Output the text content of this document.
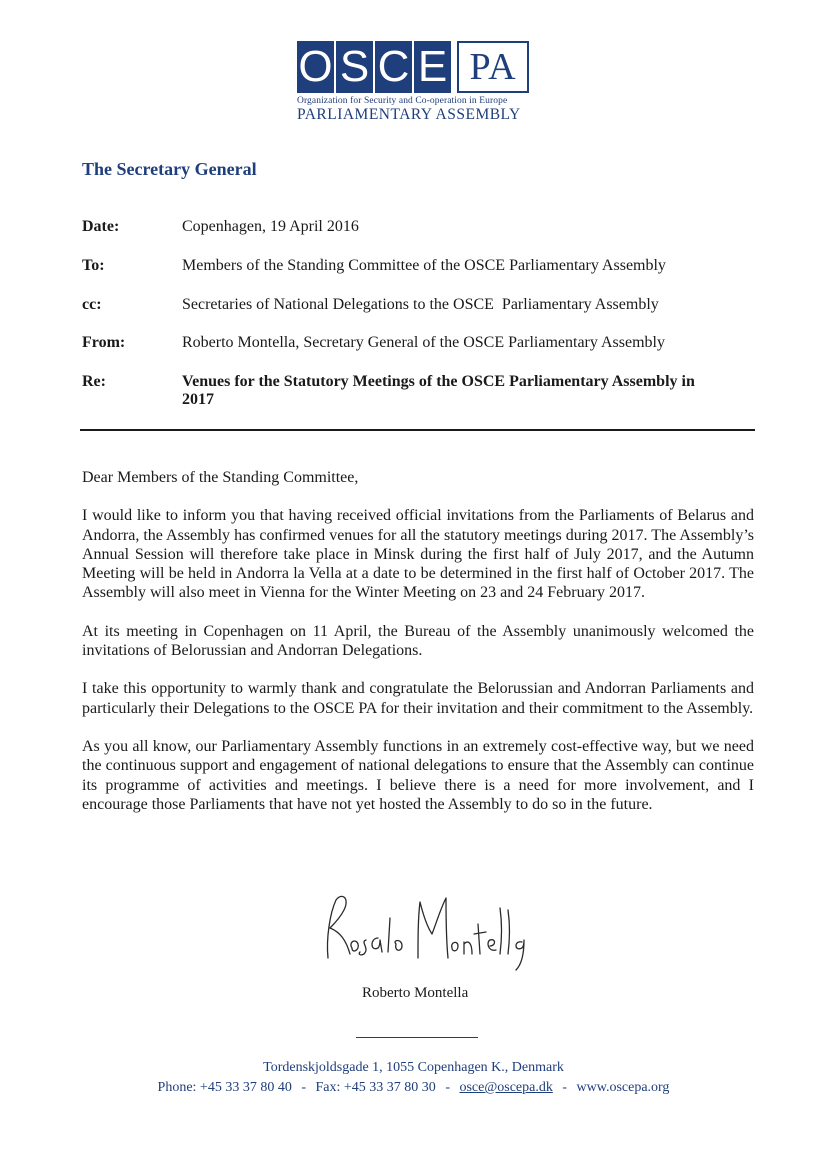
O S C E PA
Organization for Security and Co-operation in Europe
PARLIAMENTARY ASSEMBLY
The Secretary General
Date:	Copenhagen, 19 April 2016
To:	Members of the Standing Committee of the OSCE Parliamentary Assembly
cc:	Secretaries of National Delegations to the OSCE  Parliamentary Assembly
From:	Roberto Montella, Secretary General of the OSCE Parliamentary Assembly
Re:	Venues for the Statutory Meetings of the OSCE Parliamentary Assembly in 2017

Dear Members of the Standing Committee,

I would like to inform you that having received official invitations from the Parliaments of Belarus and Andorra, the Assembly has confirmed venues for all the statutory meetings during 2017. The Assembly’s Annual Session will therefore take place in Minsk during the first half of July 2017, and the Autumn Meeting will be held in Andorra la Vella at a date to be determined in the first half of October 2017. The Assembly will also meet in Vienna for the Winter Meeting on 23 and 24 February 2017.

At its meeting in Copenhagen on 11 April, the Bureau of the Assembly unanimously welcomed the invitations of Belorussian and Andorran Delegations.

I take this opportunity to warmly thank and congratulate the Belorussian and Andorran Parliaments and particularly their Delegations to the OSCE PA for their invitation and their commitment to the Assembly.

As you all know, our Parliamentary Assembly functions in an extremely cost-effective way, but we need the continuous support and engagement of national delegations to ensure that the Assembly can continue its programme of activities and meetings. I believe there is a need for more involvement, and I encourage those Parliaments that have not yet hosted the Assembly to do so in the future.

Roberto Montella
Tordenskjoldsgade 1, 1055 Copenhagen K., Denmark
Phone: +45 33 37 80 40 - Fax: +45 33 37 80 30 - osce@oscepa.dk - www.oscepa.org
